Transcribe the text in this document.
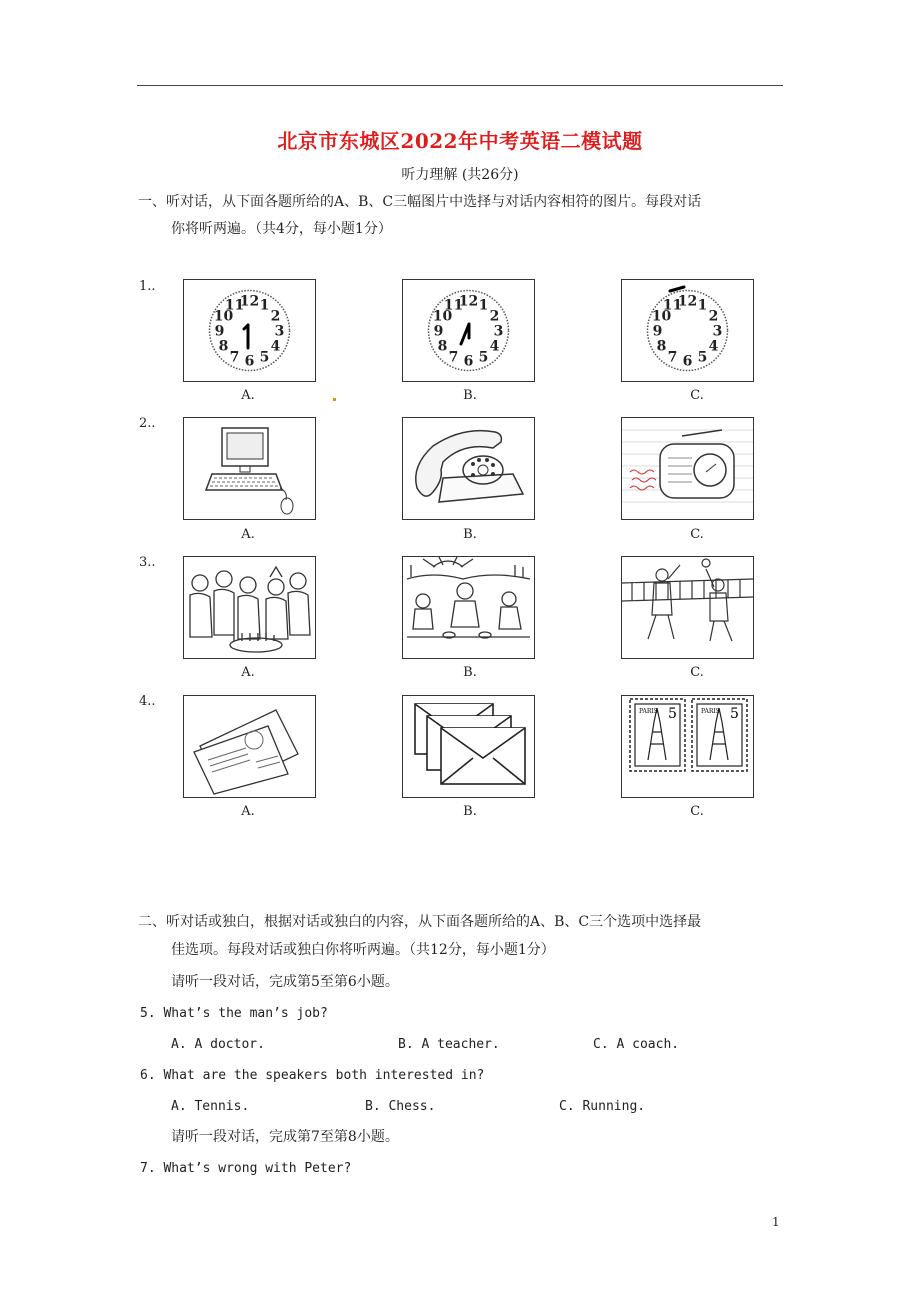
北京市东城区2022年中考英语二模试题
听力理解 (共26分)
一、听对话，从下面各题所给的A、B、C三幅图片中选择与对话内容相符的图片。每段对话
你将听两遍。（共4分，每小题1分）
1..
2..
3..
4..
12 1
2
3
4
5
6
7
8
9
10
11	12 1
2
3
4
5
6
7
8
9
10
11	12 1
2
3
4
5
6
7
8
9
10
11
PARIS	PARIS
5	5
A.	B.	C.
A.	B.	C.
A.	B.	C.
A.	B.	C.
二、听对话或独白，根据对话或独白的内容，从下面各题所给的A、B、C三个选项中选择最
佳选项。每段对话或独白你将听两遍。（共12分，每小题1分）
请听一段对话，完成第5至第6小题。
5. What’s the man’s job?
A. A doctor.	B. A teacher.	C. A coach.
6. What are the speakers both interested in?
A. Tennis.	B. Chess.	C. Running.
请听一段对话，完成第7至第8小题。
7. What’s wrong with Peter?
1
